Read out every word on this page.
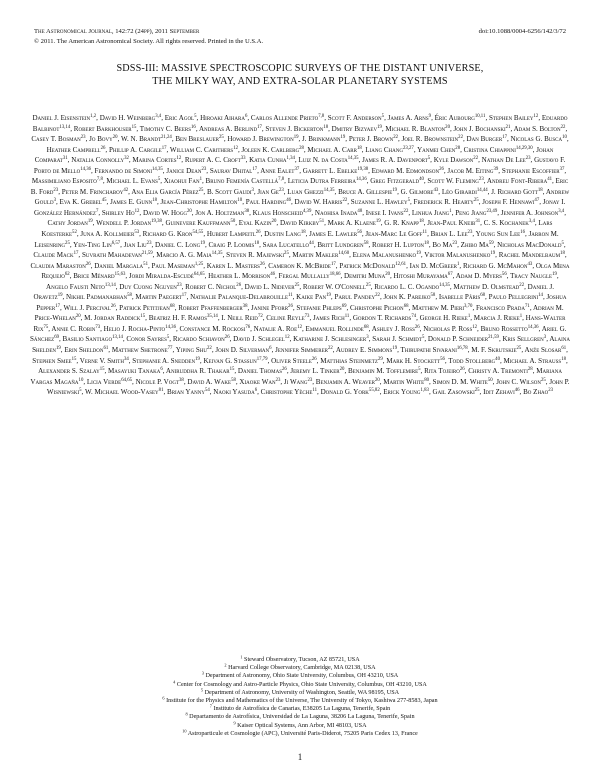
The Astronomical Journal, 142:72 (24pp), 2011 September
© 2011. The American Astronomical Society. All rights reserved. Printed in the U.S.A.
doi:10.1088/0004-6256/142/3/72
SDSS-III: MASSIVE SPECTROSCOPIC SURVEYS OF THE DISTANT UNIVERSE,
THE MILKY WAY, AND EXTRA-SOLAR PLANETARY SYSTEMS
Daniel J. Eisenstein$^{1,2}$, David H. Weinberg$^{3,4}$, Eric Agol$^5$, Hiroaki Aihara$^6$, Carlos Allende Prieto$^{7,8}$, Scott F. Anderson$^5$, James A. Arns$^9$, Éric Aubourg$^{10,11}$, Stephen Bailey$^{12}$, Eduardo Balbinot$^{13,14}$, Robert Barkhouser$^{15}$, Timothy C. Beers$^{16}$, Andreas A. Berlind$^{17}$, Steven J. Bickerton$^{18}$, Dmitry Bizyaev$^{19}$, Michael R. Blanton$^{20}$, John J. Bochanski$^{21}$, Adam S. Bolton$^{22}$, Casey T. Bosman$^{23}$, Jo Bovy$^{20}$, W. N. Brandt$^{21,24}$, Ben Breslauer$^{25}$, Howard J. Brewington$^{19}$, J. Brinkmann$^{19}$, Peter J. Brown$^{22}$, Joel R. Brownstein$^{22}$, Dan Burger$^{17}$, Nicolas G. Busca$^{10}$, Heather Campbell$^{26}$, Phillip A. Cargile$^{17}$, William C. Carithers$^{12}$, Joleen K. Carlberg$^{28}$, Michael A. Carr$^{18}$, Liang Chang$^{23,27}$, Yanmei Chen$^{28}$, Cristina Chiappini$^{14,29,30}$, Johan Comparat$^{31}$, Natalia Connolly$^{32}$, Marina Cortes$^{12}$, Rupert A. C. Croft$^{33}$, Katia Cunha$^{1,34}$, Luiz N. da Costa$^{14,35}$, James R. A. Davenport$^5$, Kyle Dawson$^{22}$, Nathan De Lee$^{23}$, Gustavo F. Porto de Mello$^{14,36}$, Fernando de Simoni$^{14,35}$, Janice Dean$^{23}$, Saurav Dhital$^{17}$, Anne Ealet$^{37}$, Garrett L. Ebelke$^{19,38}$, Edward M. Edmondson$^{26}$, Jacob M. Eiting$^{39}$, Stephanie Escoffier$^{37}$, Massimiliano Esposito$^{7,8}$, Michael L. Evans$^5$, Xiaohui Fan$^1$, Bruno Femenía Castellá$^{7,8}$, Leticia Dutra Ferreira$^{14,36}$, Greg Fitzgerald$^{40}$, Scott W. Fleming$^{23}$, Andreu Font-Ribera$^{41}$, Eric B. Ford$^{23}$, Peter M. Frinchaboy$^{42}$, Ana Elia García Pérez$^{25}$, B. Scott Gaudi$^3$, Jian Ge$^{23}$, Luan Ghezzi$^{14,35}$, Bruce A. Gillespie$^{19}$, G. Gilmore$^{43}$, Léo Girardi$^{14,44}$, J. Richard Gott$^{18}$, Andrew Gould$^3$, Eva K. Grebel$^{45}$, James E. Gunn$^{18}$, Jean-Christophe Hamilton$^{10}$, Paul Harding$^{46}$, David W. Harris$^{22}$, Suzanne L. Hawley$^5$, Frederick R. Hearty$^{25}$, Joseph F. Hennawi$^{47}$, Jonay I. González Hernández$^7$, Shirley Ho$^{12}$, David W. Hogg$^{20}$, Jon A. Holtzman$^{38}$, Klaus Honscheid$^{4,39}$, Naohisa Inada$^{48}$, Inese I. Ivans$^{22}$, Linhua Jiang$^1$, Peng Jiang$^{23,49}$, Jennifer A. Johnson$^{3,4}$, Cathy Jordan$^{19}$, Wendell P. Jordan$^{19,38}$, Guinevere Kauffmann$^{50}$, Eyal Kazin$^{20}$, David Kirkby$^{51}$, Mark A. Klaene$^{19}$, G. R. Knapp$^{18}$, Jean-Paul Kneib$^{31}$, C. S. Kochanek$^{3,4}$, Lars Koesterke$^{52}$, Juna A. Kollmeier$^{53}$, Richard G. Kron$^{54,55}$, Hubert Lampeitl$^{26}$, Dustin Lang$^{18}$, James E. Lawler$^{56}$, Jean-Marc Le Goff$^{11}$, Brian L. Lee$^{23}$, Young Sun Lee$^{16}$, Jarron M. Leisenring$^{25}$, Yen-Ting Lin$^{6,57}$, Jian Liu$^{23}$, Daniel C. Long$^{19}$, Craig P. Loomis$^{18}$, Sara Lucatello$^{44}$, Britt Lundgren$^{58}$, Robert H. Lupton$^{18}$, Bo Ma$^{23}$, Zhibo Ma$^{59}$, Nicholas MacDonald$^5$, Claude Mack$^{17}$, Suvrath Mahadevan$^{21,59}$, Marcio A. G. Maia$^{14,35}$, Steven R. Majewski$^{25}$, Martin Makler$^{14,60}$, Elena Malanushenko$^{19}$, Viktor Malanushenko$^{19}$, Rachel Mandelbaum$^{18}$, Claudia Maraston$^{26}$, Daniel Margala$^{51}$, Paul Maseman$^{1,25}$, Karen L. Masters$^{26}$, Cameron K. McBride$^{17}$, Patrick McDonald$^{12,61}$, Ian D. McGreer$^1$, Richard G. McMahon$^{43}$, Olga Mena Requejo$^{62}$, Brice Ménard$^{15,63}$, Jordi Miralda-Escudé$^{64,65}$, Heather L. Morrison$^{46}$, Fergal Mullally$^{18,66}$, Demitri Muna$^{20}$, Hitoshi Murayama$^{67}$, Adam D. Myers$^{56}$, Tracy Naugle$^{19}$, Angelo Fausti Neto$^{13,14}$, Duy Cuong Nguyen$^{23}$, Robert C. Nichol$^{26}$, David L. Nidever$^{25}$, Robert W. O'Connell$^{25}$, Ricardo L. C. Ogando$^{14,35}$, Matthew D. Olmstead$^{22}$, Daniel J. Oravetz$^{19}$, Nikhil Padmanabhan$^{58}$, Martin Paegert$^{17}$, Nathalie Palanque-Delabrouille$^{11}$, Kaike Pan$^{19}$, Parul Pandey$^{22}$, John K. Parejko$^{58}$, Isabelle Pâris$^{68}$, Paulo Pellegrini$^{14}$, Joshua Pepper$^{17}$, Will J. Percival$^{26}$, Patrick Petitjean$^{68}$, Robert Pfaffenberger$^{38}$, Janine Pforr$^{26}$, Stefanie Phleps$^{69}$, Christophe Pichon$^{68}$, Matthew M. Pieri$^{3,70}$, Francisco Prada$^{71}$, Adrian M. Price-Whelan$^{20}$, M. Jordan Raddick$^{15}$, Beatriz H. F. Ramos$^{35,14}$, I. Neill Reid$^{72}$, Celine Reyle$^{73}$, James Rich$^{11}$, Gordon T. Richards$^{74}$, George H. Rieke$^1$, Marcia J. Rieke$^1$, Hans-Walter Rix$^{75}$, Annie C. Robin$^{73}$, Helio J. Rocha-Pinto$^{14,36}$, Constance M. Rockosi$^{76}$, Natalie A. Roe$^{12}$, Emmanuel Rollinde$^{68}$, Ashley J. Ross$^{26}$, Nicholas P. Ross$^{12}$, Bruno Rossetto$^{14,36}$, Ariel G. Sánchez$^{69}$, Basilio Santiago$^{13,14}$, Conor Sayres$^5$, Ricardo Schiavon$^{26}$, David J. Schlegel$^{12}$, Katharine J. Schlesinger$^3$, Sarah J. Schmidt$^5$, Donald P. Schneider$^{21,59}$, Kris Sellgren$^3$, Alaina Shelden$^{19}$, Erin Sheldon$^{61}$, Matthew Shetrone$^{77}$, Yiping Shu$^{22}$, John D. Silverman$^6$, Jennifer Simmerer$^{22}$, Audrey E. Simmons$^{19}$, Thirupathi Sivarani$^{16,78}$, M. F. Skrutskie$^{25}$, Anže Slosar$^{61}$, Stephen Smee$^{15}$, Verne V. Smith$^{34}$, Stephanie A. Snedden$^{19}$, Keivan G. Stassun$^{17,79}$, Oliver Steele$^{26}$, Matthias Steinmetz$^{29}$, Mark H. Stockett$^{56}$, Todd Stollberg$^{40}$, Michael A. Strauss$^{18}$, Alexander S. Szalay$^{15}$, Masayuki Tanaka$^6$, Aniruddha R. Thakar$^{15}$, Daniel Thomas$^{26}$, Jeremy L. Tinker$^{20}$, Benjamin M. Tofflemire$^5$, Rita Tojeiro$^{26}$, Christy A. Tremonti$^{28}$, Mariana Vargas Magaña$^{10}$, Licia Verde$^{64,65}$, Nicole P. Vogt$^{38}$, David A. Wake$^{58}$, Xiaoke Wan$^{23}$, Ji Wang$^{23}$, Benjamin A. Weaver$^{20}$, Martin White$^{80}$, Simon D. M. White$^{50}$, John C. Wilson$^{25}$, John P. Wisniewski$^5$, W. Michael Wood-Vasey$^{81}$, Brian Yanny$^{54}$, Naoki Yasuda$^6$, Christophe Yèche$^{11}$, Donald G. York$^{55,82}$, Erick Young$^{1,83}$, Gail Zasowski$^{25}$, Idit Zehavi$^{46}$, Bo Zhao$^{23}$
$^1$ Steward Observatory, Tucson, AZ 85721, USA
$^2$ Harvard College Observatory, Cambridge, MA 02138, USA
$^3$ Department of Astronomy, Ohio State University, Columbus, OH 43210, USA
$^4$ Center for Cosmology and Astro-Particle Physics, Ohio State University, Columbus, OH 43210, USA
$^5$ Department of Astronomy, University of Washington, Seattle, WA 98195, USA
$^6$ Institute for the Physics and Mathematics of the Universe, The University of Tokyo, Kashiwa 277-8583, Japan
$^7$ Instituto de Astrofísica de Canarias, E38205 La Laguna, Tenerife, Spain
$^8$ Departamento de Astrofísica, Universidad de La Laguna, 38206 La Laguna, Tenerife, Spain
$^9$ Kaiser Optical Systems, Ann Arbor, MI 48103, USA
$^{10}$ Astroparticule et Cosmologie (APC), Université Paris-Diderot, 75205 Paris Cedex 13, France
1
